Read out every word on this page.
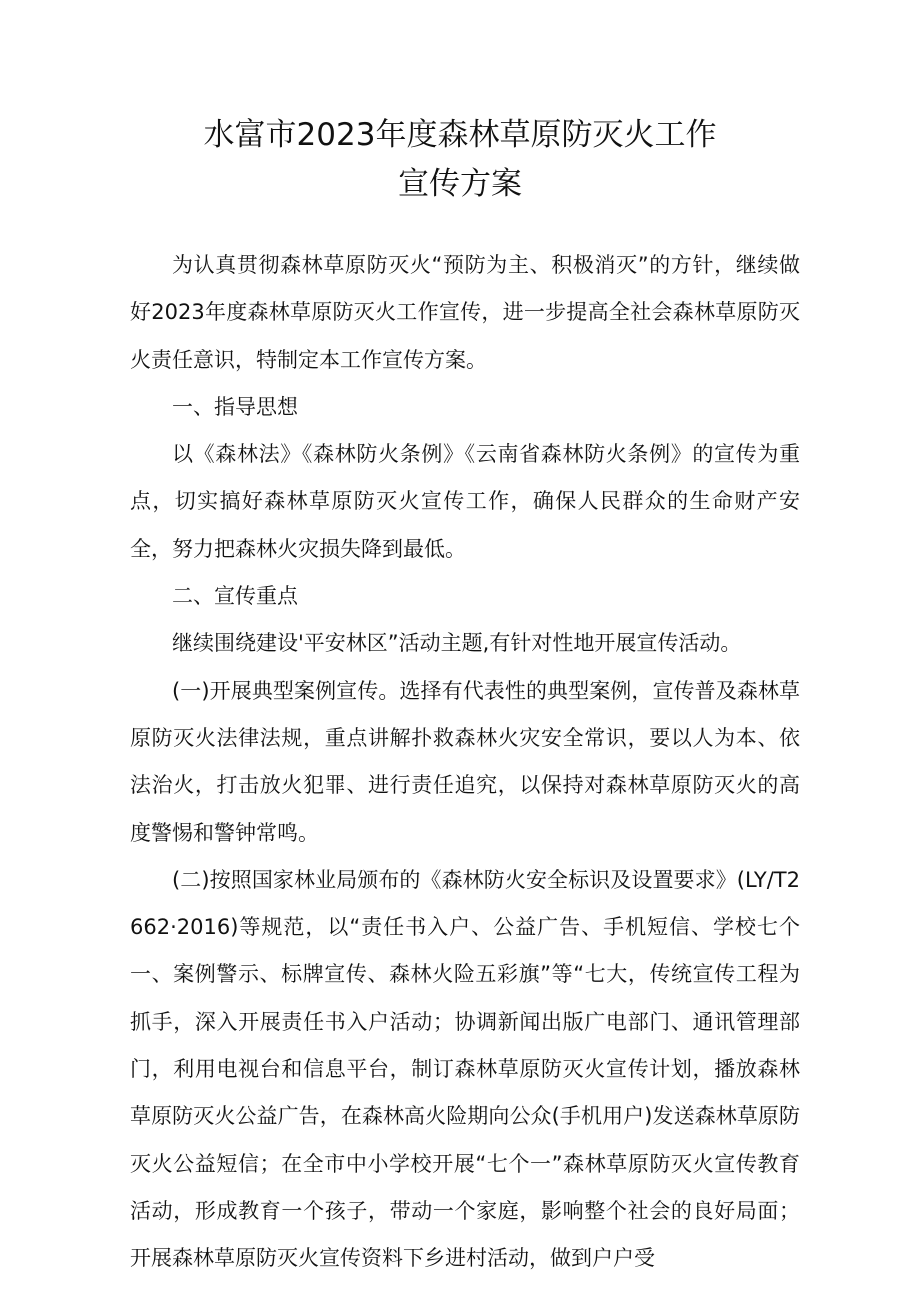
水富市2023年度森林草原防灭火工作
宣传方案

为认真贯彻森林草原防灭火“预防为主、积极消灭”的方针，继续做好2023年度森林草原防灭火工作宣传，进一步提高全社会森林草原防灭火责任意识，特制定本工作宣传方案。

一、指导思想

以《森林法》《森林防火条例》《云南省森林防火条例》的宣传为重点，切实搞好森林草原防灭火宣传工作，确保人民群众的生命财产安全，努力把森林火灾损失降到最低。

二、宣传重点

继续围绕建设'平安林区”活动主题,有针对性地开展宣传活动。

(一)开展典型案例宣传。选择有代表性的典型案例，宣传普及森林草原防灭火法律法规，重点讲解扑救森林火灾安全常识，要以人为本、依法治火，打击放火犯罪、进行责任追究，以保持对森林草原防灭火的高度警惕和警钟常鸣。

(二)按照国家林业局颁布的《森林防火安全标识及设置要求》(LY/T2662·2016)等规范，以“责任书入户、公益广告、手机短信、学校七个一、案例警示、标牌宣传、森林火险五彩旗”等“七大，传统宣传工程为抓手，深入开展责任书入户活动；协调新闻出版广电部门、通讯管理部门，利用电视台和信息平台，制订森林草原防灭火宣传计划，播放森林草原防灭火公益广告，在森林高火险期向公众(手机用户)发送森林草原防灭火公益短信；在全市中小学校开展“七个一”森林草原防灭火宣传教育活动，形成教育一个孩子，带动一个家庭，影响整个社会的良好局面；开展森林草原防灭火宣传资料下乡进村活动，做到户户受
